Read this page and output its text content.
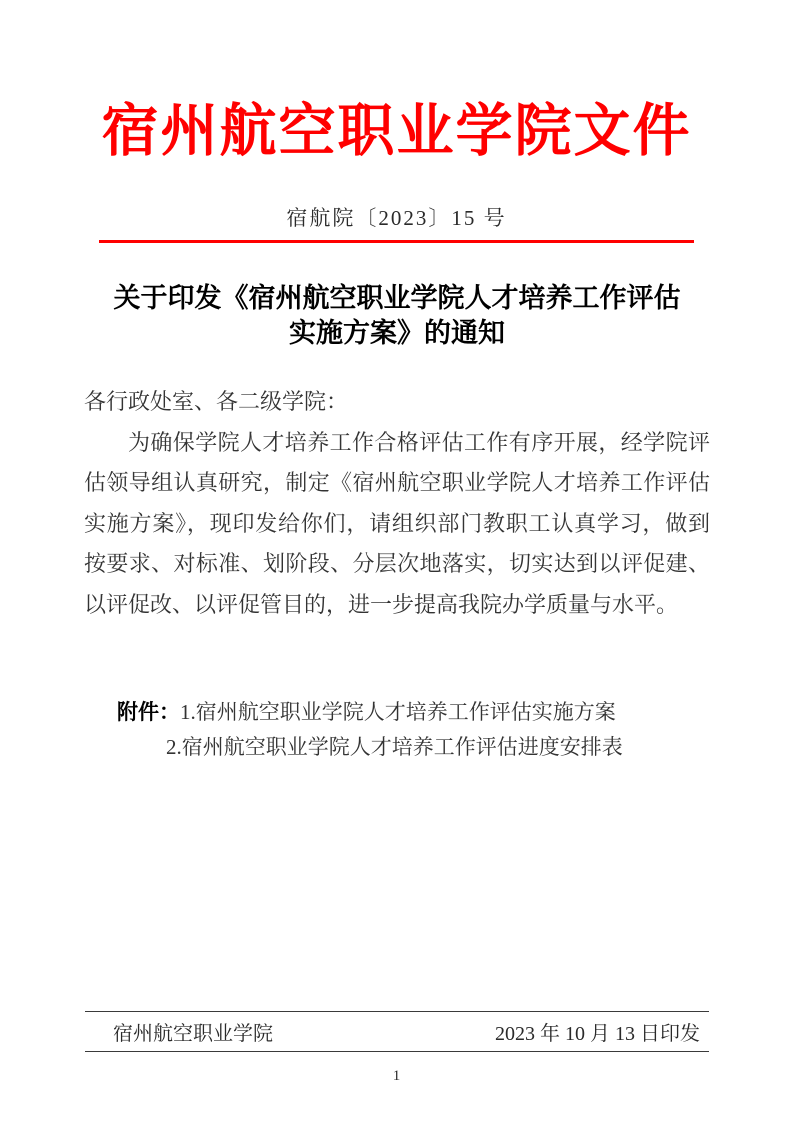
宿州航空职业学院文件
宿航院〔2023〕15 号
关于印发《宿州航空职业学院人才培养工作评估
实施方案》的通知

各行政处室、各二级学院：

为确保学院人才培养工作合格评估工作有序开展，经学院评估领导组认真研究，制定《宿州航空职业学院人才培养工作评估实施方案》，现印发给你们，请组织部门教职工认真学习，做到按要求、对标准、划阶段、分层次地落实，切实达到以评促建、以评促改、以评促管目的，进一步提高我院办学质量与水平。

附件：1.宿州航空职业学院人才培养工作评估实施方案
2.宿州航空职业学院人才培养工作评估进度安排表
宿州航空职业学院	2023 年 10 月 13 日印发
1
